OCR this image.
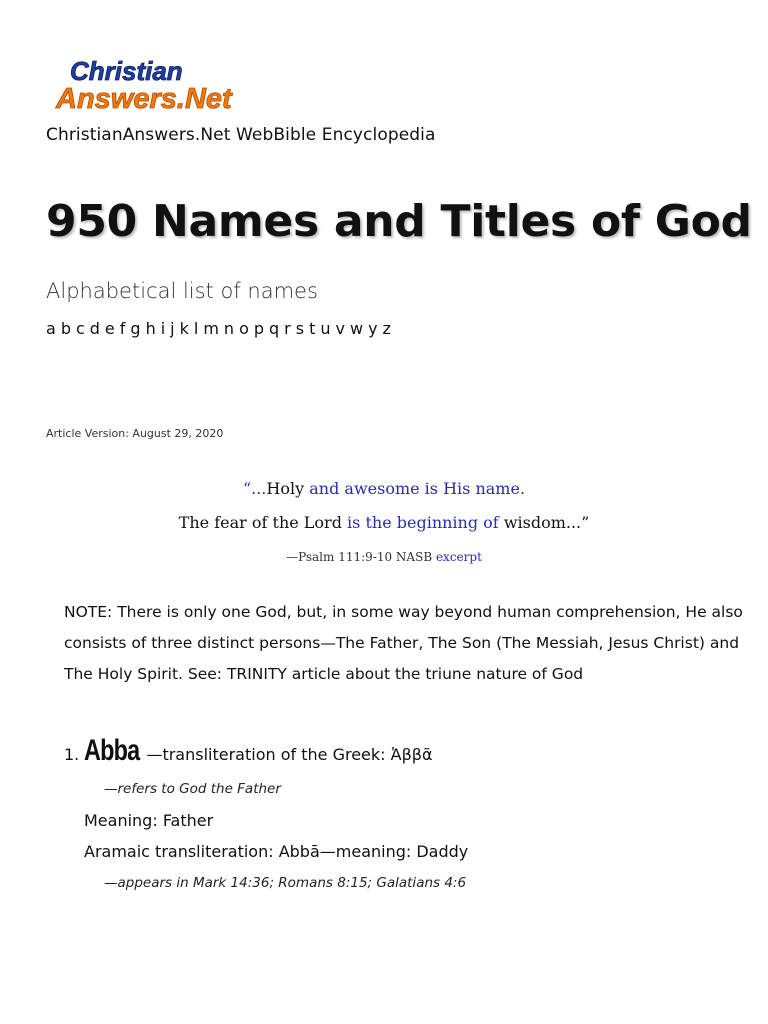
Christian
Answers.Net
ChristianAnswers.Net WebBible Encyclopedia
950 Names and Titles of God
Alphabetical list of names
a b c d e f g h i j k l m n o p q r s t u v w y z
Article Version: August 29, 2020
“...Holy and awesome is His name.
The fear of the Lord is the beginning of wisdom...”
—Psalm 111:9-10 NASB excerpt
NOTE: There is only one God, but, in some way beyond human comprehension, He also consists of three distinct persons—The Father, The Son (The Messiah, Jesus Christ) and The Holy Spirit. See: TRINITY article about the triune nature of God
1. Abba —transliteration of the Greek: Ἀββᾶ
—refers to God the Father
Meaning: Father
Aramaic transliteration: Abbā—meaning: Daddy
—appears in Mark 14:36; Romans 8:15; Galatians 4:6
